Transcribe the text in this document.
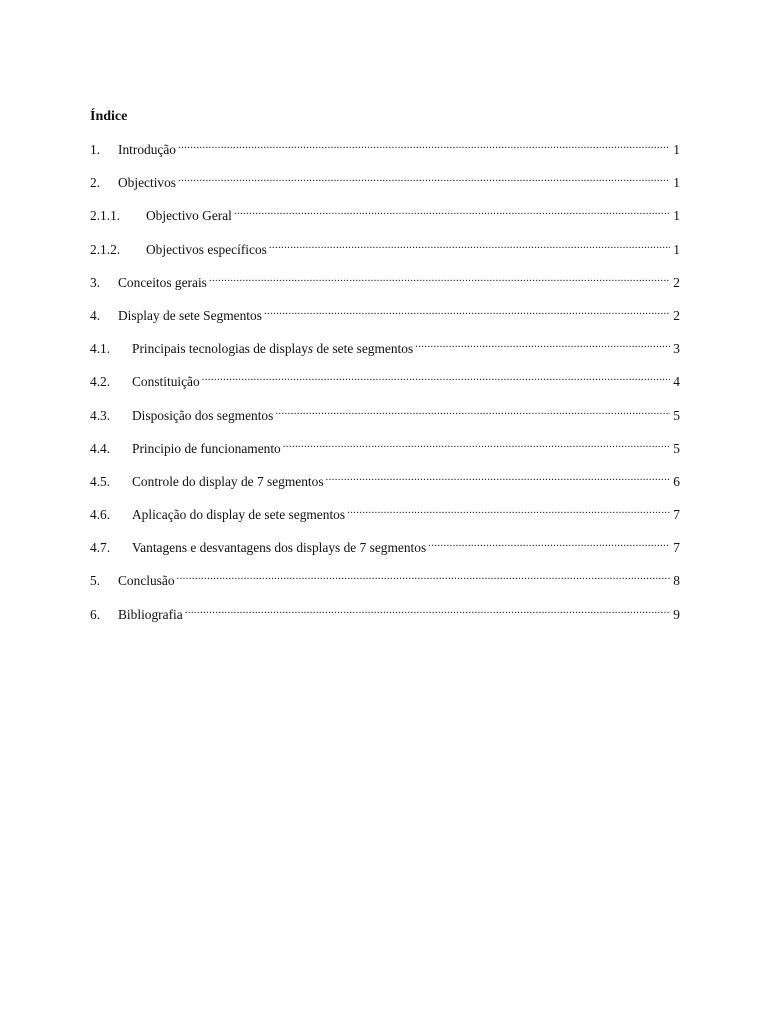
Índice
1.	Introdução .....	1
2.	Objectivos .....	1
2.1.1.	Objectivo Geral .....	1
2.1.2.	Objectivos específicos .....	1
3.	Conceitos gerais .....	2
4.	Display de sete Segmentos .....	2
4.1.	Principais tecnologias de displays de sete segmentos .....	3
4.2.	Constituição .....	4
4.3.	Disposição dos segmentos .....	5
4.4.	Principio de funcionamento .....	5
4.5.	Controle do display de 7 segmentos .....	6
4.6.	Aplicação do display de sete segmentos .....	7
4.7.	Vantagens e desvantagens dos displays de 7 segmentos .....	7
5.	Conclusão .....	8
6.	Bibliografia .....	9
